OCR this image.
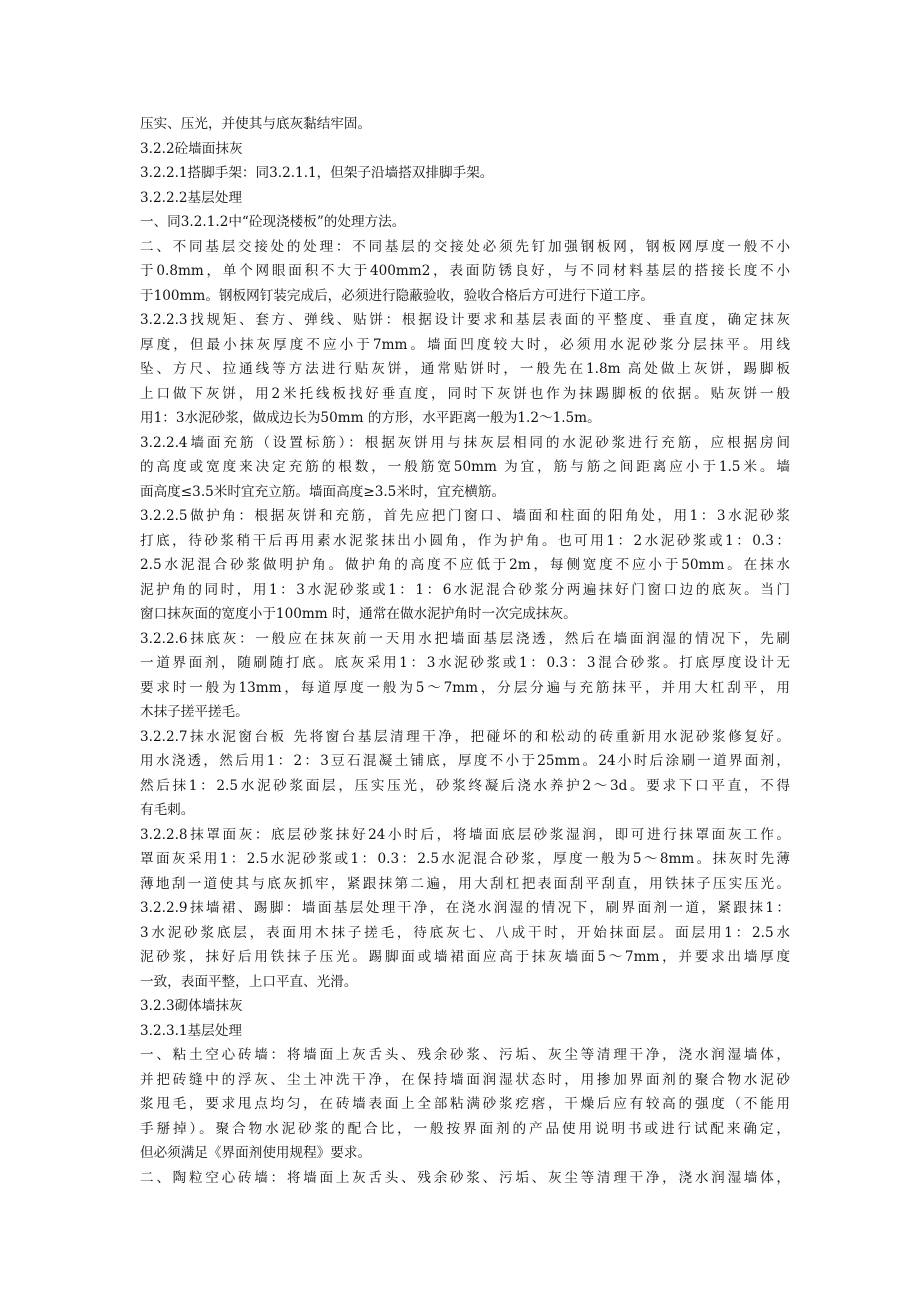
压实、压光，并使其与底灰黏结牢固。
3.2.2砼墙面抹灰
3.2.2.1搭脚手架：同3.2.1.1，但架子沿墙搭双排脚手架。
3.2.2.2基层处理
一、同3.2.1.2中“砼现浇楼板”的处理方法。
二、不同基层交接处的处理：不同基层的交接处必须先钉加强钢板网，钢板网厚度一般不小
于0.8mm，单个网眼面积不大于400mm2，表面防锈良好，与不同材料基层的搭接长度不小
于100mm。钢板网钉装完成后，必须进行隐蔽验收，验收合格后方可进行下道工序。
3.2.2.3找规矩、套方、弹线、贴饼：根据设计要求和基层表面的平整度、垂直度，确定抹灰
厚度，但最小抹灰厚度不应小于7mm。墙面凹度较大时，必须用水泥砂浆分层抹平。用线
坠、方尺、拉通线等方法进行贴灰饼，通常贴饼时，一般先在1.8m 高处做上灰饼，踢脚板
上口做下灰饼，用2米托线板找好垂直度，同时下灰饼也作为抹踢脚板的依据。贴灰饼一般
用1：3水泥砂浆，做成边长为50mm 的方形，水平距离一般为1.2～1.5m。
3.2.2.4墙面充筋（设置标筋）：根据灰饼用与抹灰层相同的水泥砂浆进行充筋，应根据房间
的高度或宽度来决定充筋的根数，一般筋宽50mm 为宜，筋与筋之间距离应小于1.5米。墙
面高度≤3.5米时宜充立筋。墙面高度≥3.5米时，宜充横筋。
3.2.2.5做护角：根据灰饼和充筋，首先应把门窗口、墙面和柱面的阳角处，用1：3水泥砂浆
打底，待砂浆稍干后再用素水泥浆抹出小圆角，作为护角。也可用1：2水泥砂浆或1：0.3：
2.5水泥混合砂浆做明护角。做护角的高度不应低于2m，每侧宽度不应小于50mm。在抹水
泥护角的同时，用1：3水泥砂浆或1：1：6水泥混合砂浆分两遍抹好门窗口边的底灰。当门
窗口抹灰面的宽度小于100mm 时，通常在做水泥护角时一次完成抹灰。
3.2.2.6抹底灰：一般应在抹灰前一天用水把墙面基层浇透，然后在墙面润湿的情况下，先刷
一道界面剂，随刷随打底。底灰采用1：3水泥砂浆或1：0.3：3混合砂浆。打底厚度设计无
要求时一般为13mm，每道厚度一般为5～7mm，分层分遍与充筋抹平，并用大杠刮平，用
木抹子搓平搓毛。
3.2.2.7抹水泥窗台板 先将窗台基层清理干净，把碰坏的和松动的砖重新用水泥砂浆修复好。
用水浇透，然后用1：2：3豆石混凝土铺底，厚度不小于25mm。24小时后涂刷一道界面剂，
然后抹1：2.5水泥砂浆面层，压实压光，砂浆终凝后浇水养护2～3d。要求下口平直，不得
有毛刺。
3.2.2.8抹罩面灰：底层砂浆抹好24小时后，将墙面底层砂浆湿润，即可进行抹罩面灰工作。
罩面灰采用1：2.5水泥砂浆或1：0.3：2.5水泥混合砂浆，厚度一般为5～8mm。抹灰时先薄
薄地刮一道使其与底灰抓牢，紧跟抹第二遍，用大刮杠把表面刮平刮直，用铁抹子压实压光。
3.2.2.9抹墙裙、踢脚：墙面基层处理干净，在浇水润湿的情况下，刷界面剂一道，紧跟抹1：
3水泥砂浆底层，表面用木抹子搓毛，待底灰七、八成干时，开始抹面层。面层用1：2.5水
泥砂浆，抹好后用铁抹子压光。踢脚面或墙裙面应高于抹灰墙面5～7mm，并要求出墙厚度
一致，表面平整，上口平直、光滑。
3.2.3砌体墙抹灰
3.2.3.1基层处理
一、粘土空心砖墙：将墙面上灰舌头、残余砂浆、污垢、灰尘等清理干净，浇水润湿墙体，
并把砖缝中的浮灰、尘土冲洗干净，在保持墙面润湿状态时，用掺加界面剂的聚合物水泥砂
浆甩毛，要求甩点均匀，在砖墙表面上全部粘满砂浆疙瘩，干燥后应有较高的强度（不能用
手掰掉）。聚合物水泥砂浆的配合比，一般按界面剂的产品使用说明书或进行试配来确定，
但必须满足《界面剂使用规程》要求。
二、陶粒空心砖墙：将墙面上灰舌头、残余砂浆、污垢、灰尘等清理干净，浇水润湿墙体，
